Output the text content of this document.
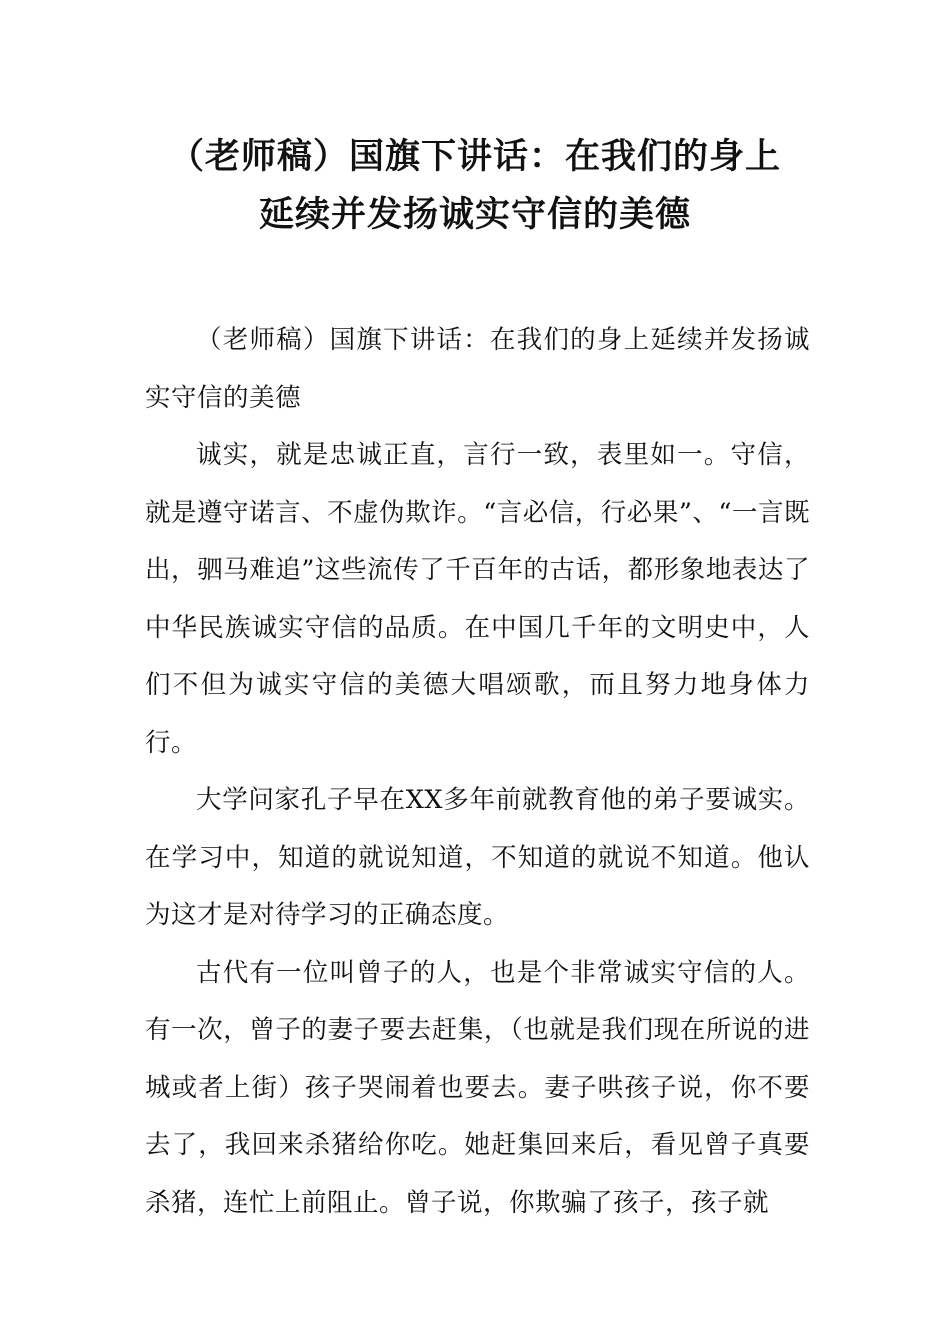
（老师稿）国旗下讲话：在我们的身上
延续并发扬诚实守信的美德

（老师稿）国旗下讲话：在我们的身上延续并发扬诚实守信的美德

诚实，就是忠诚正直，言行一致，表里如一。守信，就是遵守诺言、不虚伪欺诈。“言必信，行必果”、“一言既出，驷马难追”这些流传了千百年的古话，都形象地表达了中华民族诚实守信的品质。在中国几千年的文明史中，人们不但为诚实守信的美德大唱颂歌，而且努力地身体力行。

大学问家孔子早在XX多年前就教育他的弟子要诚实。在学习中，知道的就说知道，不知道的就说不知道。他认为这才是对待学习的正确态度。

古代有一位叫曾子的人，也是个非常诚实守信的人。有一次，曾子的妻子要去赶集，（也就是我们现在所说的进城或者上街）孩子哭闹着也要去。妻子哄孩子说，你不要去了，我回来杀猪给你吃。她赶集回来后，看见曾子真要杀猪，连忙上前阻止。曾子说，你欺骗了孩子，孩子就
